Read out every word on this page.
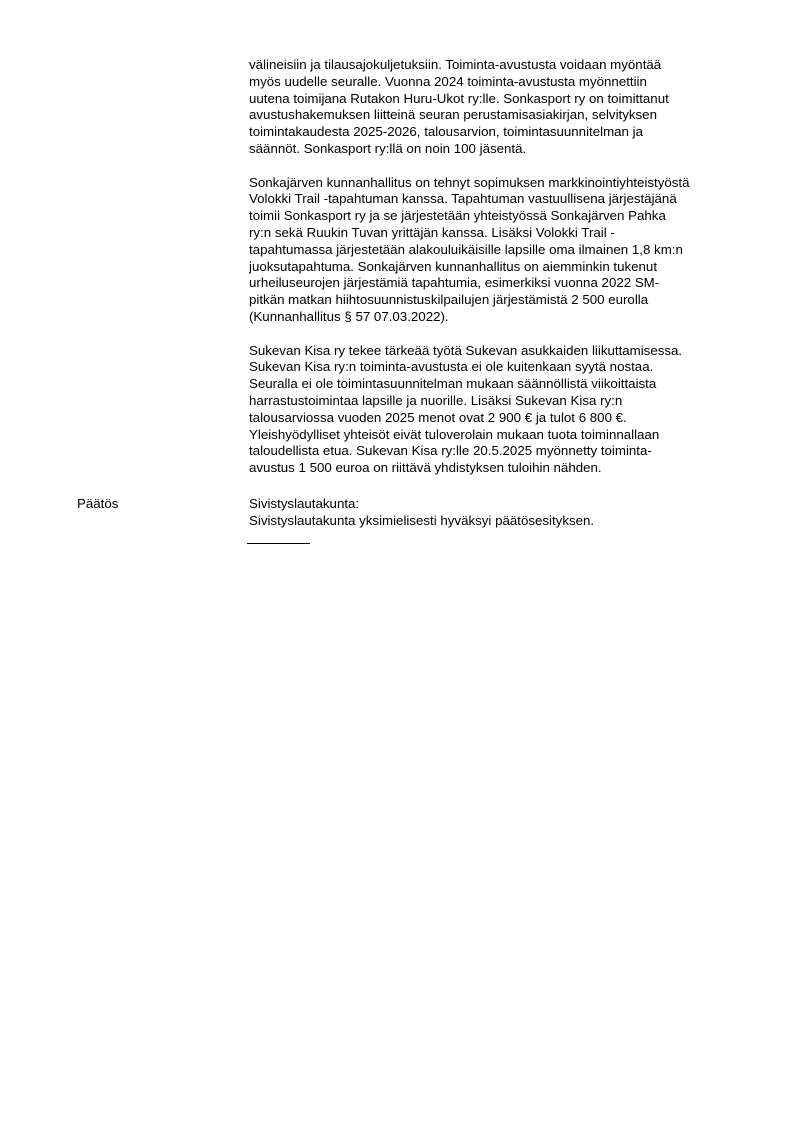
välineisiin ja tilausajokuljetuksiin. Toiminta-avustusta voidaan myöntää
myös uudelle seuralle. Vuonna 2024 toiminta-avustusta myönnettiin
uutena toimijana Rutakon Huru-Ukot ry:lle. Sonkasport ry on toimittanut
avustushakemuksen liitteinä seuran perustamisasiakirjan, selvityksen
toimintakaudesta 2025-2026, talousarvion, toimintasuunnitelman ja
säännöt. Sonkasport ry:llä on noin 100 jäsentä.
Sonkajärven kunnanhallitus on tehnyt sopimuksen markkinointiyhteistyöstä
Volokki Trail -tapahtuman kanssa. Tapahtuman vastuullisena järjestäjänä
toimii Sonkasport ry ja se järjestetään yhteistyössä Sonkajärven Pahka
ry:n sekä Ruukin Tuvan yrittäjän kanssa. Lisäksi Volokki Trail -
tapahtumassa järjestetään alakouluikäisille lapsille oma ilmainen 1,8 km:n
juoksutapahtuma. Sonkajärven kunnanhallitus on aiemminkin tukenut
urheiluseurojen järjestämiä tapahtumia, esimerkiksi vuonna 2022 SM-
pitkän matkan hiihtosuunnistuskilpailujen järjestämistä 2 500 eurolla
(Kunnanhallitus § 57 07.03.2022).
Sukevan Kisa ry tekee tärkeää työtä Sukevan asukkaiden liikuttamisessa.
Sukevan Kisa ry:n toiminta-avustusta ei ole kuitenkaan syytä nostaa.
Seuralla ei ole toimintasuunnitelman mukaan säännöllistä viikoittaista
harrastustoimintaa lapsille ja nuorille. Lisäksi Sukevan Kisa ry:n
talousarviossa vuoden 2025 menot ovat 2 900 € ja tulot 6 800 €.
Yleishyödylliset yhteisöt eivät tuloverolain mukaan tuota toiminnallaan
taloudellista etua. Sukevan Kisa ry:lle 20.5.2025 myönnetty toiminta-
avustus 1 500 euroa on riittävä yhdistyksen tuloihin nähden.
Päätös	Sivistyslautakunta:
Sivistyslautakunta yksimielisesti hyväksyi päätösesityksen.
